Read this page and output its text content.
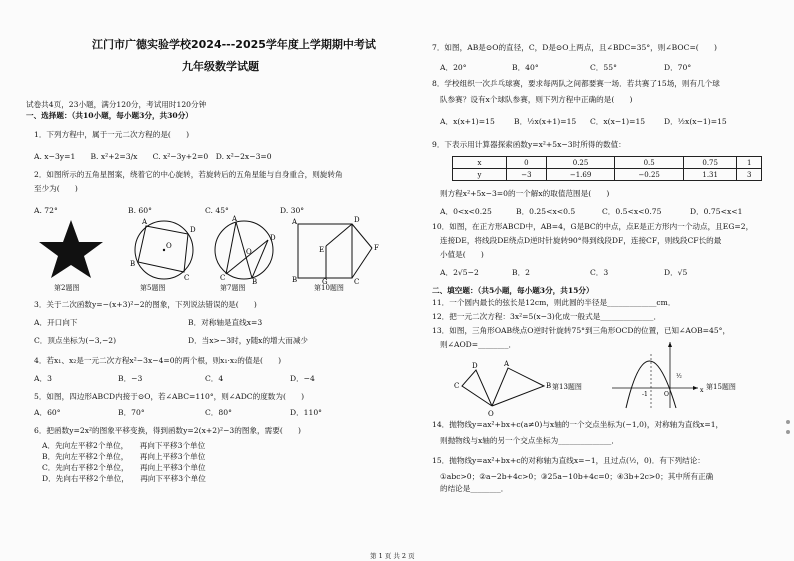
江门市广德实验学校2024---2025学年度上学期期中考试
九年级数学试题
试卷共4页，23小题，满分120分，考试用时120分钟
一、选择题：（共10小题，每小题3分，共30分）
1．下列方程中，属于一元二次方程的是(　　)
A. x−3y=1　　B. x²+2=3/x　　C. x²−3y+2=0　D. x²−2x−3=0
2．如图所示的五角星图案，绕着它的中心旋转，若旋转后的五角星能与自身重合，则旋转角
至少为(　　)
A. 72°	B. 60°	C. 45°	D. 30°
第2题图
O
A
D
C
B
第5题图
O
A
C	B
D
第7题图
A
B
D
C
F
E
G
第10题图
3．关于二次函数y=−(x+3)²−2的图象，下列说法错误的是(　　)
A．开口向下	B．对称轴是直线x=3
C．顶点坐标为(−3,−2)	D．当x>−3时，y随x的增大而减少
4．若x₁、x₂是一元二次方程x²−3x−4=0的两个根，则x₁·x₂的值是(　　)
A．3	B．−3	C．4	D．−4
5．如图，四边形ABCD内接于⊙O，若∠ABC=110°，则∠ADC的度数为(　　)
A．60°	B．70°	C．80°	D．110°
6．把函数y=2x²的图象平移变换，得到函数y=2(x+2)²−3的图象，需要(　　)
A．先向左平移2个单位，　　再向下平移3个单位
B．先向左平移2个单位，　　再向上平移3个单位
C．先向右平移2个单位，　　再向上平移3个单位
D．先向右平移2个单位，　　再向下平移3个单位
7．如图，AB是⊙O的直径，C，D是⊙O上两点，且∠BDC=35°，则∠BOC=(　　)
A．20°	B．40°	C．55°	D．70°
8．学校组织一次乒乓球赛，要求每两队之间都要赛一场．若共赛了15场，则有几个球
队参赛？设有x个球队参赛，则下列方程中正确的是(　　)
A．x(x+1)=15	B．½x(x+1)=15 C．x(x−1)=15 D．½x(x−1)=15
9．下表示用计算器探索函数y=x²+5x−3时所得的数值：
x	0	0.25	0.5	0.75	1
y	−3	−1.69	−0.25	1.31	3
则方程x²+5x−3=0的一个解x的取值范围是(　　)
A．0<x<0.25	B．0.25<x<0.5	C．0.5<x<0.75	D．0.75<x<1
10．如图，在正方形ABCD中，AB=4，G是BC的中点，点E是正方形内一个动点，且EG=2，
连接DE，将线段DE绕点D逆时针旋转90°得到线段DF，连接CF，则线段CF长的最
小值是(　　)
A．2√5−2	B．2	C．3	D．√5
二、填空题：（共5小题，每小题3分，共15分）
11．一个圆内最长的弦长是12cm，则此圆的半径是_____________cm．
12．把一元二次方程：3x²=5(x−3)化成一般式是______________．
13．如图，三角形OAB绕点O逆时针旋转75°到三角形OCD的位置，已知∠AOB=45°，
则∠AOD=________．
C
D
O
A
B 第13题图
O
-1
½
x 第15题图
14．抛物线y=ax²+bx+c(a≠0)与x轴的一个交点坐标为(−1,0)，对称轴为直线x=1，
则抛物线与x轴的另一个交点坐标为______________．
15．抛物线y=ax²+bx+c的对称轴为直线x=−1，且过点(½，0)．有下列结论：
①abc>0；②a−2b+4c>0；③25a−10b+4c=0；④3b+2c>0；其中所有正确
的结论是________．
第 1 页 共 2 页
